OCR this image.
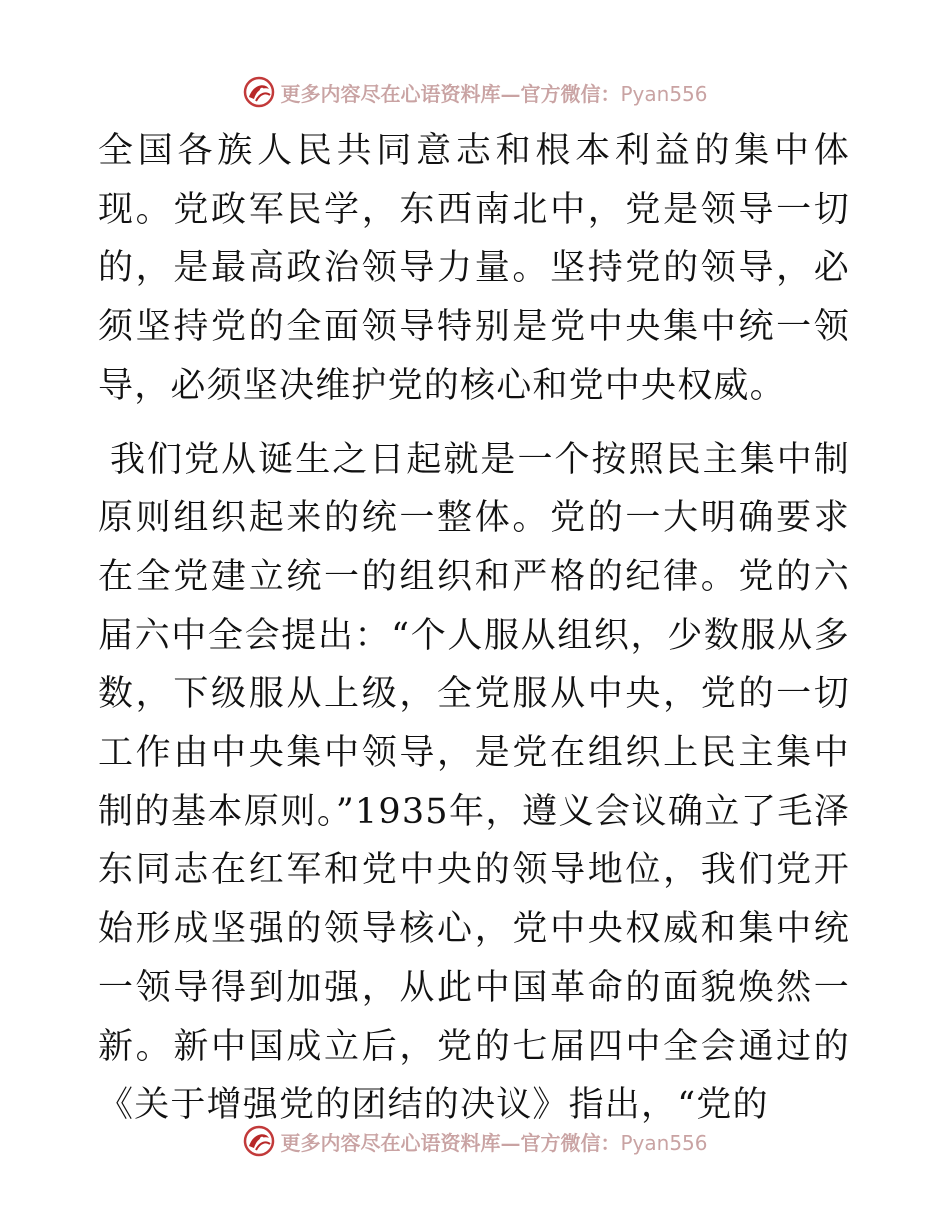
更多内容尽在心语资料库—官方微信：Pyan556

全国各族人民共同意志和根本利益的集中体现。党政军民学，东西南北中，党是领导一切的，是最高政治领导力量。坚持党的领导，必须坚持党的全面领导特别是党中央集中统一领导，必须坚决维护党的核心和党中央权威。

我们党从诞生之日起就是一个按照民主集中制原则组织起来的统一整体。党的一大明确要求在全党建立统一的组织和严格的纪律。党的六届六中全会提出：“个人服从组织，少数服从多数，下级服从上级，全党服从中央，党的一切工作由中央集中领导，是党在组织上民主集中制的基本原则。”1935年，遵义会议确立了毛泽东同志在红军和党中央的领导地位，我们党开始形成坚强的领导核心，党中央权威和集中统一领导得到加强，从此中国革命的面貌焕然一新。新中国成立后，党的七届四中全会通过的《关于增强党的团结的决议》指出，“党的

更多内容尽在心语资料库—官方微信：Pyan556
